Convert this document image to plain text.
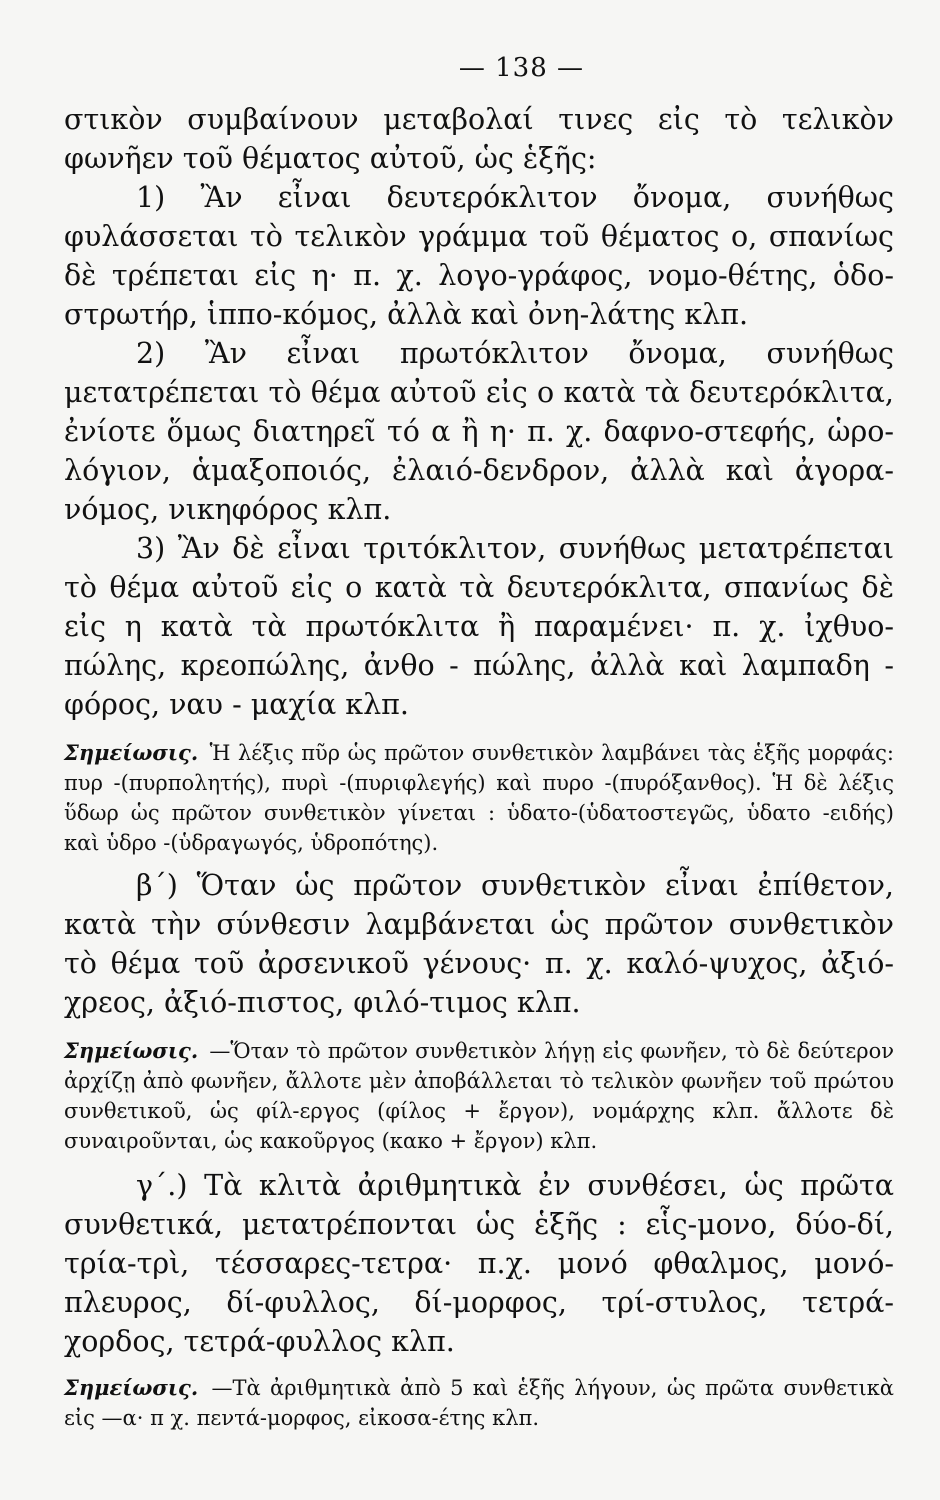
— 138 —

στικὸν συμβαίνουν μεταβολαί τινες εἰς τὸ τελικὸν φωνῆεν τοῦ θέματος αὐτοῦ, ὡς ἑξῆς:

1) Ἂν εἶναι δευτερόκλιτον ὄνομα, συνήθως φυλάσσεται τὸ τελικὸν γράμμα τοῦ θέματος ο, σπανίως δὲ τρέπεται εἰς η· π. χ. λογο-γράφος, νομο-θέτης, ὁδο-στρωτήρ, ἱππο-κόμος, ἀλλὰ καὶ ὀνη-λάτης κλπ.

2) Ἂν εἶναι πρωτόκλιτον ὄνομα, συνήθως μετατρέπεται τὸ θέμα αὐτοῦ εἰς ο κατὰ τὰ δευτερόκλιτα, ἐνίοτε ὅμως διατηρεῖ τό α ἢ η· π. χ. δαφνο-στεφής, ὡρο-λόγιον, ἁμαξοποιός, ἐλαιό-δενδρον, ἀλλὰ καὶ ἀγορα-νόμος, νικηφόρος κλπ.

3) Ἂν δὲ εἶναι τριτόκλιτον, συνήθως μετατρέπεται τὸ θέμα αὐτοῦ εἰς ο κατὰ τὰ δευτερόκλιτα, σπανίως δὲ εἰς η κατὰ τὰ πρωτόκλιτα ἢ παραμένει· π. χ. ἰχθυο-πώλης, κρεοπώλης, ἀνθο - πώλης, ἀλλὰ καὶ λαμπαδη - φόρος, ναυ - μαχία κλπ.

Σημείωσις. Ἡ λέξις πῦρ ὡς πρῶτον συνθετικὸν λαμβάνει τὰς ἑξῆς μορφάς: πυρ -(πυρπολητής), πυρὶ -(πυριφλεγής) καὶ πυρο -(πυρόξανθος). Ἡ δὲ λέξις ὕδωρ ὡς πρῶτον συνθετικὸν γίνεται : ὑδατο-(ὑδατοστεγῶς, ὑδατο -ειδής) καὶ ὑδρο -(ὑδραγωγός, ὑδροπότης).

β΄) Ὅταν ὡς πρῶτον συνθετικὸν εἶναι ἐπίθετον, κατὰ τὴν σύνθεσιν λαμβάνεται ὡς πρῶτον συνθετικὸν τὸ θέμα τοῦ ἀρσενικοῦ γένους· π. χ. καλό-ψυχος, ἀξιό-χρεος, ἀξιό-πιστος, φιλό-τιμος κλπ.

Σημείωσις. —Ὅταν τὸ πρῶτον συνθετικὸν λήγῃ εἰς φωνῆεν, τὸ δὲ δεύτερον ἀρχίζῃ ἀπὸ φωνῆεν, ἄλλοτε μὲν ἀποβάλλεται τὸ τελικὸν φωνῆεν τοῦ πρώτου συνθετικοῦ, ὡς φίλ-εργος (φίλος + ἔργον), νομάρχης κλπ. ἄλλοτε δὲ συναιροῦνται, ὡς κακοῦργος (κακο + ἔργον) κλπ.

γ΄.) Τὰ κλιτὰ ἀριθμητικὰ ἐν συνθέσει, ὡς πρῶτα συνθετικά, μετατρέπονται ὡς ἑξῆς : εἷς-μονο, δύο-δί, τρία-τρὶ, τέσσαρες-τετρα· π.χ. μονό φθαλμος, μονό-πλευρος, δί-φυλλος, δί-μορφος, τρί-στυλος, τετρά-χορδος, τετρά-φυλλος κλπ.

Σημείωσις. —Τὰ ἀριθμητικὰ ἀπὸ 5 καὶ ἑξῆς λήγουν, ὡς πρῶτα συνθετικὰ εἰς —α· π χ. πεντά-μορφος, εἰκοσα-έτης κλπ.
